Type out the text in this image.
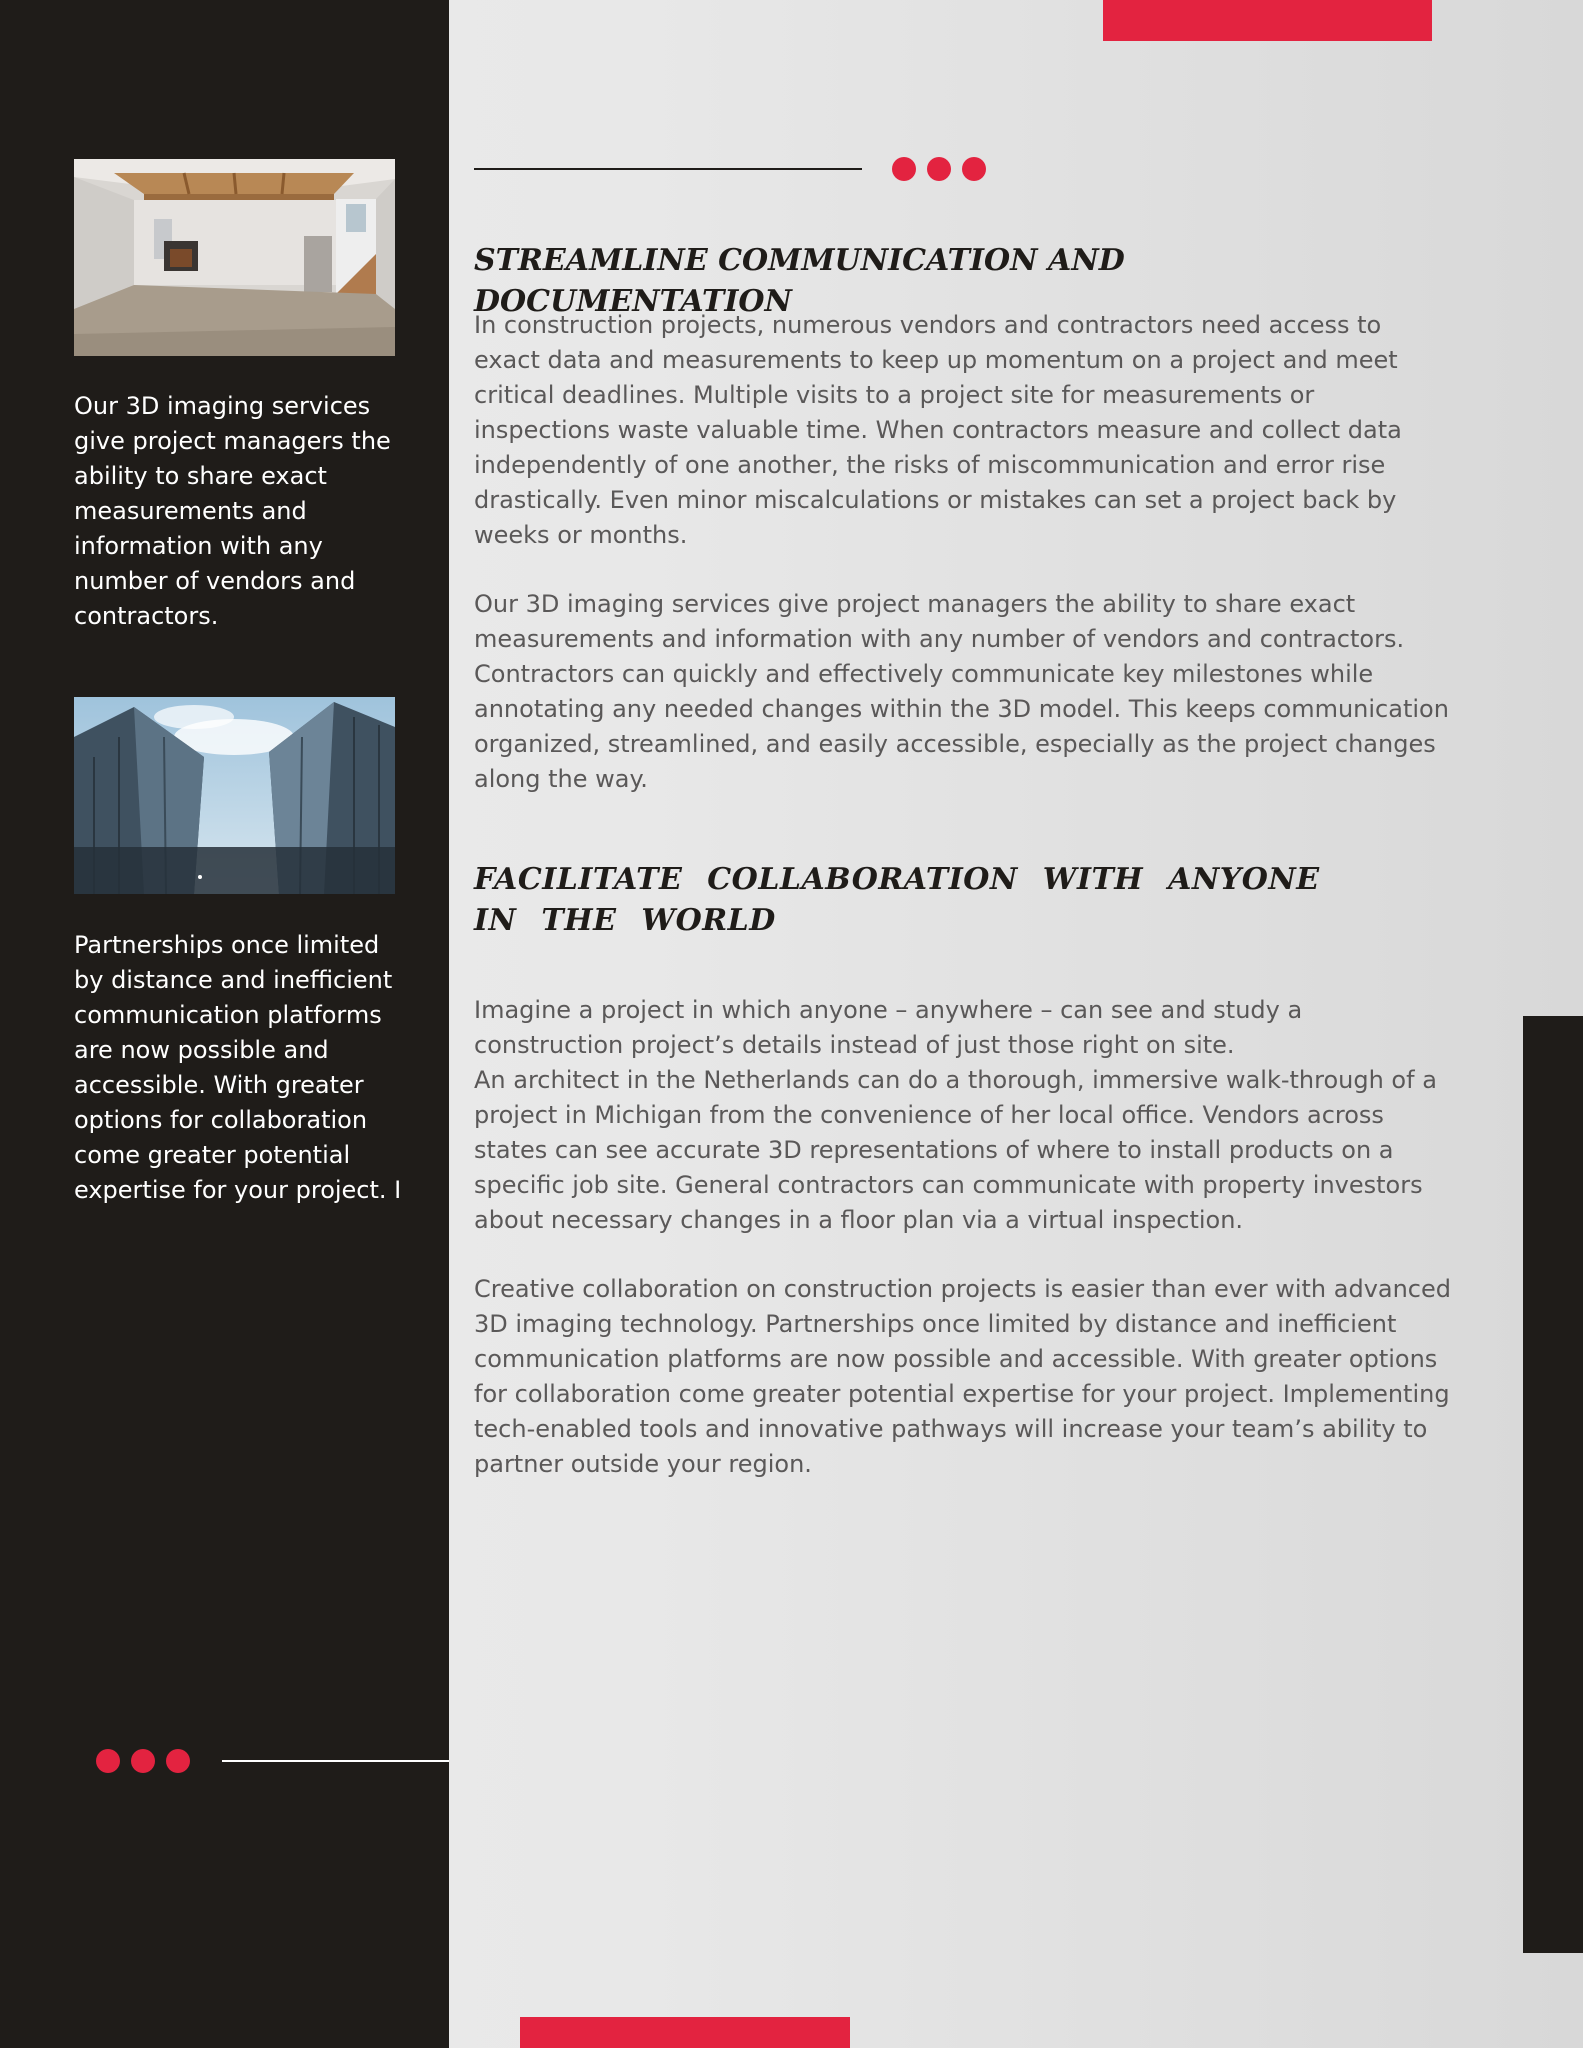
Our 3D imaging services give project managers the ability to share exact measurements and information with any number of vendors and contractors.

Partnerships once limited by distance and inefficient communication platforms are now possible and accessible. With greater options for collaboration come greater potential expertise for your project. I

STREAMLINE COMMUNICATION AND DOCUMENTATION

In construction projects, numerous vendors and contractors need access to exact data and measurements to keep up momentum on a project and meet critical deadlines. Multiple visits to a project site for measurements or inspections waste valuable time. When contractors measure and collect data independently of one another, the risks of miscommunication and error rise drastically. Even minor miscalculations or mistakes can set a project back by weeks or months.

Our 3D imaging services give project managers the ability to share exact measurements and information with any number of vendors and contractors. Contractors can quickly and effectively communicate key milestones while annotating any needed changes within the 3D model. This keeps communication organized, streamlined, and easily accessible, especially as the project changes along the way.

FACILITATE COLLABORATION WITH ANYONE IN THE WORLD

Imagine a project in which anyone – anywhere – can see and study a construction project’s details instead of just those right on site.

An architect in the Netherlands can do a thorough, immersive walk-through of a project in Michigan from the convenience of her local office. Vendors across states can see accurate 3D representations of where to install products on a specific job site. General contractors can communicate with property investors about necessary changes in a floor plan via a virtual inspection.

Creative collaboration on construction projects is easier than ever with advanced 3D imaging technology. Partnerships once limited by distance and inefficient communication platforms are now possible and accessible. With greater options for collaboration come greater potential expertise for your project. Implementing tech-enabled tools and innovative pathways will increase your team’s ability to partner outside your region.
